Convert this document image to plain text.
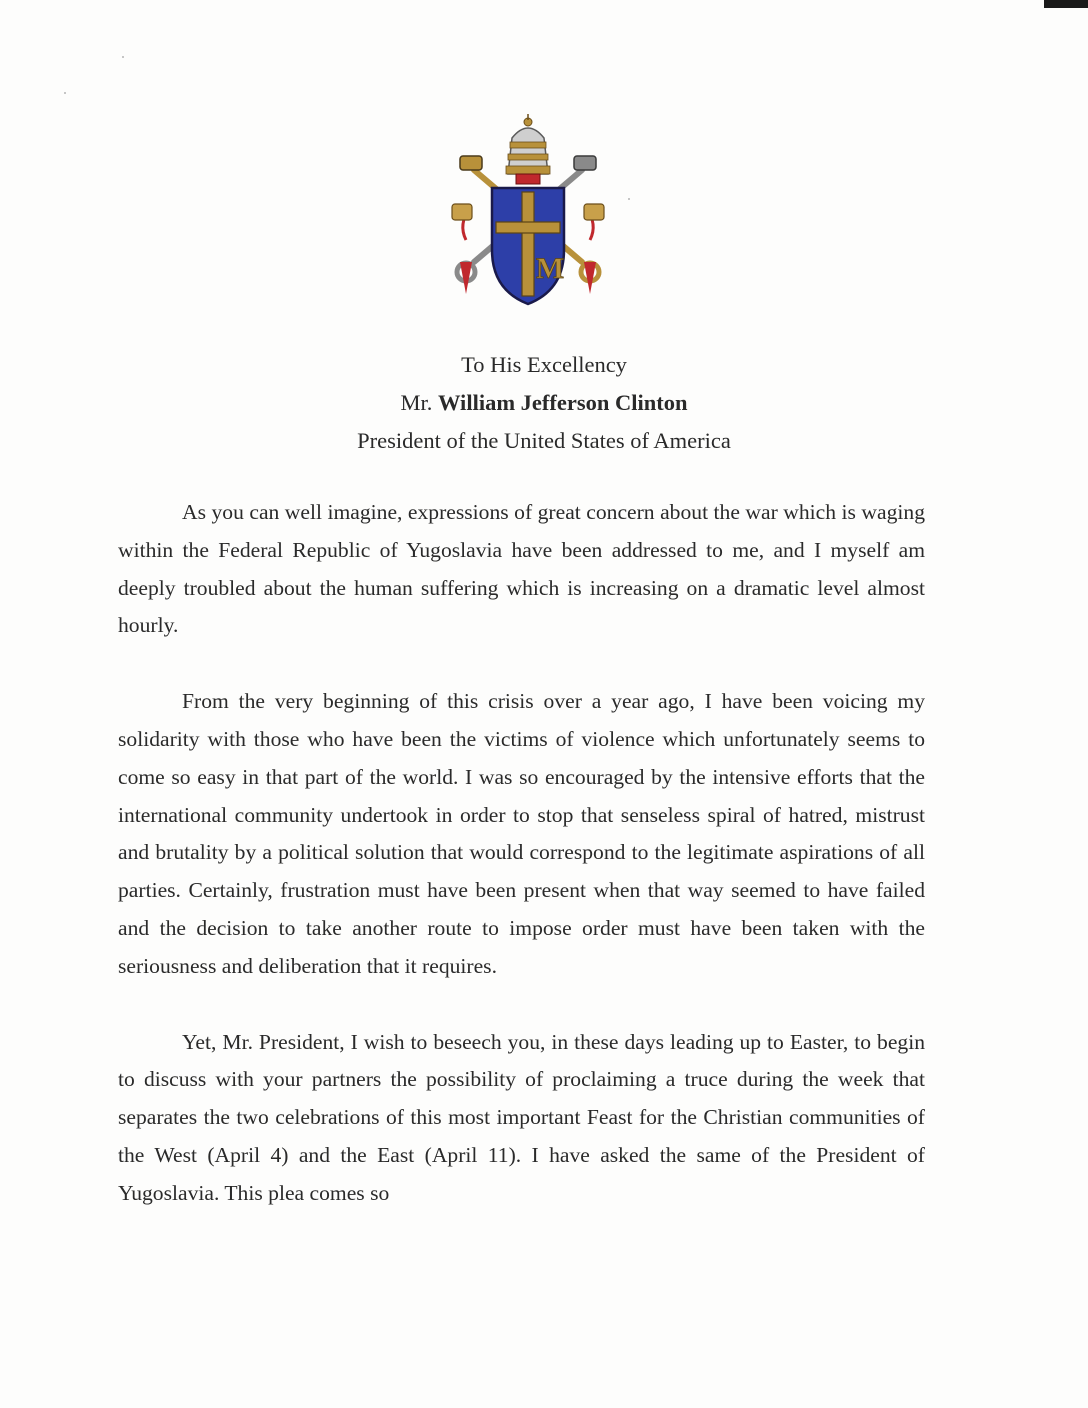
M
To His Excellency
Mr. William Jefferson Clinton
President of the United States of America

As you can well imagine, expressions of great concern about the war which is waging within the Federal Republic of Yugoslavia have been addressed to me, and I myself am deeply troubled about the human suffering which is increasing on a dramatic level almost hourly.

From the very beginning of this crisis over a year ago, I have been voicing my solidarity with those who have been the victims of violence which unfortunately seems to come so easy in that part of the world. I was so encouraged by the intensive efforts that the international community undertook in order to stop that senseless spiral of hatred, mistrust and brutality by a political solution that would correspond to the legitimate aspirations of all parties. Certainly, frustration must have been present when that way seemed to have failed and the decision to take another route to impose order must have been taken with the seriousness and deliberation that it requires.

Yet, Mr. President, I wish to beseech you, in these days leading up to Easter, to begin to discuss with your partners the possibility of proclaiming a truce during the week that separates the two celebrations of this most important Feast for the Christian communities of the West (April 4) and the East (April 11). I have asked the same of the President of Yugoslavia. This plea comes so
